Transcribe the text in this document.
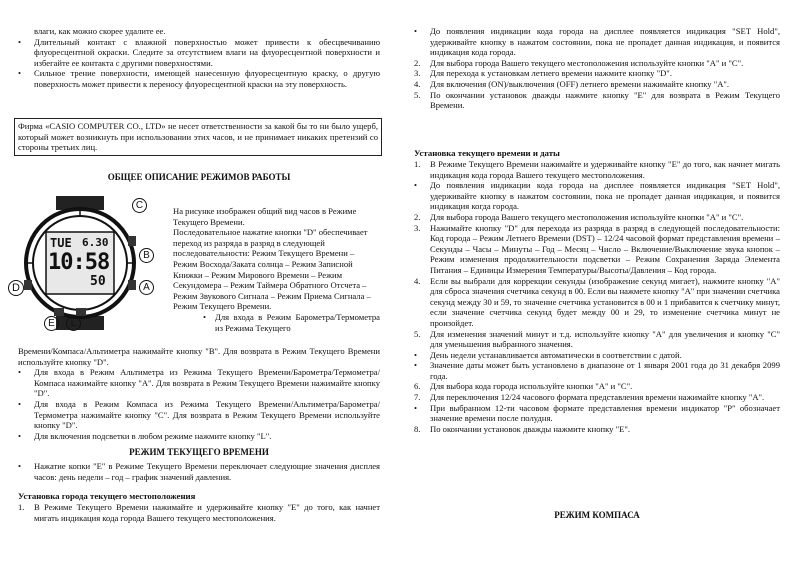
влаги, как можно скорее удалите ее.
•	Длительный контакт с влажной поверхностью может привести к обесцвечиванию флуоресцентной окраски. Следите за отсутствием влаги на флуоресцентной поверхности и избегайте ее контакта с другими поверхностями.
•	Сильное трение поверхности, имеющей нанесенную флуоресцентную краску, о другую поверхность может привести к переносу флуоресцентной краски на эту поверхность.
Фирма «CASIO COMPUTER CO., LTD» не несет ответственности за какой бы то ни было ущерб, который может возникнуть при использовании этих часов, и не принимает никаких претензий со стороны третьих лиц.
ОБЩЕЕ ОПИСАНИЕ РЕЖИМОВ РАБОТЫ
TUE 6.30
10:58
50
D
E	L
A
B
C	На рисунке изображен общий вид часов в Режиме Текущего Времени.
Последовательное нажатие кнопки "D" обеспечивает переход из разряда в разряд в следующей последовательности: Режим Текущего Времени – Режим Восхода/Заката солнца – Режим Записной Книжки – Режим Мирового Времени – Режим Секундомера – Режим Таймера Обратного Отсчета – Режим Звукового Сигнала – Режим Приема Сигнала – Режим Текущего Времени.
•	Для входа в Режим Барометра/Термометра из Режима Текущего
Времени/Компаса/Альтиметра нажимайте кнопку "В". Для возврата в Режим Текущего Времени используйте кнопку "D".
•	Для входа в Режим Альтиметра из Режима Текущего Времени/Барометра/Термометра/Компаса нажимайте кнопку "A". Для возврата в Режим Текущего Времени нажимайте кнопку "D".
•	Для входа в Режим Компаса из Режима Текущего Времени/Альтиметра/Барометра/Термометра нажимайте кнопку "C". Для возврата в Режим Текущего Времени используйте кнопку "D".
•	Для включения подсветки в любом режиме нажмите кнопку "L".
РЕЖИМ ТЕКУЩЕГО ВРЕМЕНИ
•	Нажатие копки "Е" в Режиме Текущего Времени переключает следующие значения дисплея часов: день недели – год – график значений давления.
Установка города текущего местоположения
1.	В Режиме Текущего Времени нажимайте и удерживайте кнопку "Е" до того, как начнет мигать индикация кода города Вашего текущего местоположения.
•	До появления индикации кода города на дисплее появляется индикация "SET Hold", удерживайте кнопку в нажатом состоянии, пока не пропадет данная индикация, и появится индикация кода города.
2.	Для выбора города Вашего текущего местоположения используйте кнопки "А" и "С".
3.	Для перехода к установкам летнего времени нажмите кнопку "D".
4.	Для включения (ON)/выключения (OFF) летнего времени нажимайте кнопку "А".
5.	По окончании установок дважды нажмите кнопку "Е" для возврата в Режим Текущего Времени.
Установка текущего времени и даты
1.	В Режиме Текущего Времени нажимайте и удерживайте кнопку "Е" до того, как начнет мигать индикация кода города Вашего текущего местоположения.
•	До появления индикации кода города на дисплее появляется индикация "SET Hold", удерживайте кнопку в нажатом состоянии, пока не пропадет данная индикация, и появится индикация когда города.
2.	Для выбора города Вашего текущего местоположения используйте кнопки "А" и "С".
3.	Нажимайте кнопку "D" для перехода из разряда в разряд в следующей последовательности: Код города – Режим Летнего Времени (DST) – 12/24 часовой формат представления времени – Секунды – Часы – Минуты – Год – Месяц – Число – Включение/Выключение звука кнопок – Режим изменения продолжительности подсветки – Режим Сохранения Заряда Элемента Питания – Единицы Измерения Температуры/Высоты/Давления – Код города.
4.	Если вы выбрали для коррекции секунды (изображение секунд мигает), нажмите кнопку "А" для сброса значения счетчика секунд в 00. Если вы нажмете кнопку "А" при значении счетчика секунд между 30 и 59, то значение счетчика установится в 00 и 1 прибавится к счетчику минут, если значение счетчика секунд будет между 00 и 29, то изменение счетчика минут не произойдет.
5.	Для изменения значений минут и т.д. используйте кнопку "А" для увеличения и кнопку "С" для уменьшения выбранного значения.
•	День недели устанавливается автоматически в соответствии с датой.
•	Значение даты может быть установлено в диапазоне от 1 января 2001 года до 31 декабря 2099 года.
6.	Для выбора кода города используйте кнопки "А" и "С".
7.	Для переключения 12/24 часового формата представления времени нажимайте кнопку "А".
•	При выбранном 12-ти часовом формате представления времени индикатор "Р" обозначает значение времени после полудня.
8.	По окончании установок дважды нажмите кнопку "Е".
РЕЖИМ КОМПАСА
